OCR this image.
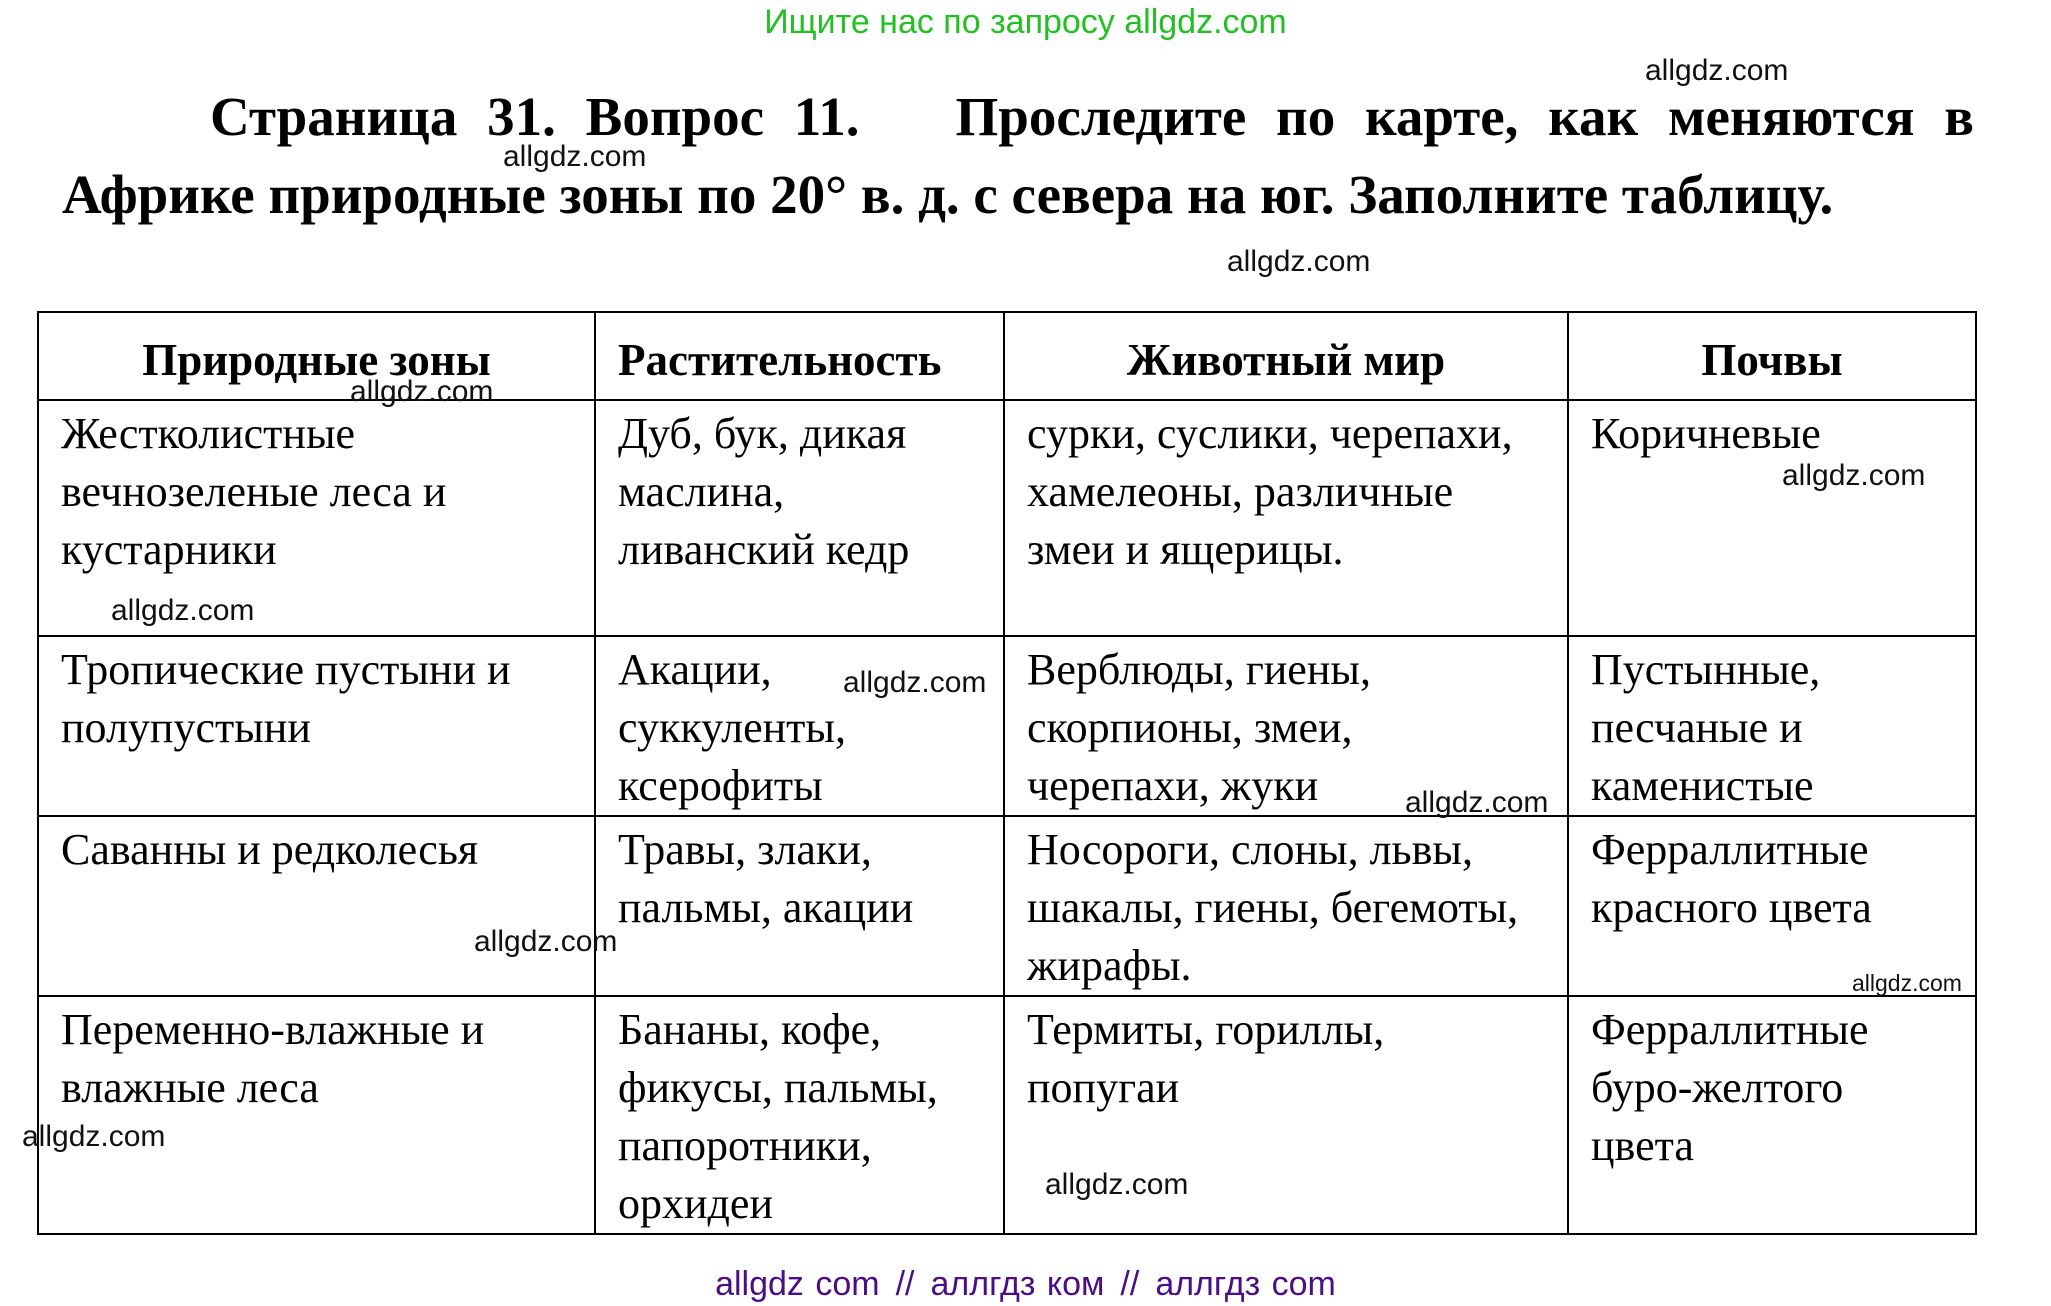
Ищите нас по запросу allgdz.com
Страница 31. Вопрос 11. Проследите по карте, как меняются в Африке природные зоны по 20° в. д. с севера на юг. Заполните таблицу.
Природные зоны	Растительность	Животный мир	Почвы
Жестколистные вечнозеленые леса и кустарники	Дуб, бук, дикая маслина, ливанский кедр	сурки, суслики, черепахи, хамелеоны, различные змеи и ящерицы.	Коричневые
Тропические пустыни и полупустыни	Акации, суккуленты, ксерофиты	Верблюды, гиены, скорпионы, змеи, черепахи, жуки	Пустынные, песчаные и каменистые
Саванны и редколесья	Травы, злаки, пальмы, акации	Носороги, слоны, львы, шакалы, гиены, бегемоты, жирафы.	Ферраллитные красного цвета
Переменно-влажные и влажные леса	Бананы, кофе, фикусы, пальмы, папоротники, орхидеи	Термиты, гориллы, попугаи	Ферраллитные буро-желтого цвета
allgdz.com
allgdz.com
allgdz.com
allgdz.com
allgdz.com
allgdz.com
allgdz.com
allgdz.com
allgdz.com
allgdz.com
allgdz.com
allgdz.com
allgdz com // аллгдз ком // аллгдз com
